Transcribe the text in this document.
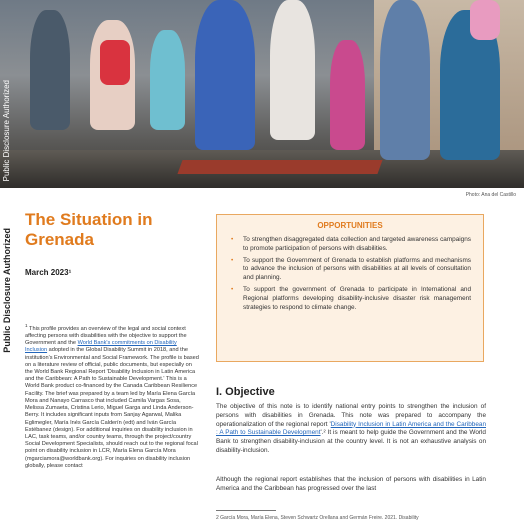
Public Disclosure Authorized
Photo: Ana del Castillo
Public Disclosure Authorized
The Situation in Grenada
March 2023¹
$^1$ This profile provides an overview of the legal and social context affecting persons with disabilities with the objective to support the Government and the World Bank's commitments on Disability Inclusion adopted in the Global Disability Summit in 2018, and the institution's Environmental and Social Framework. The profile is based on a literature review of official, public documents, but especially on the World Bank Regional Report 'Disability Inclusion in Latin America and the Caribbean: A Path to Sustainable Development.' This is a World Bank product co-financed by the Canada Caribbean Resilience Facility. The brief was prepared by a team led by María Elena García Mora and Nanayo Carrasco that included Camila Vargas Sosa, Melissa Zumaeta, Cristina Lerio, Miguel Garga and Linda Anderson-Berry. It includes significant inputs from Sanjay Agarwal, Malika Eglimegler, María Inés García Calderín (edt) and Iván García Estébanez (design). For additional inquiries on disability inclusion in LAC, task teams, and/or country teams, through the project/country Social Development Specialists, should reach out to the regional focal point on disability inclusion in LCR, María Elena García Mora (mgarciamora@worldbank.org). For inquiries on disability inclusion globally, please contact
OPPORTUNITIES
• To strengthen disaggregated data collection and targeted awareness campaigns to promote participation of persons with disabilities.
• To support the Government of Grenada to establish platforms and mechanisms to advance the inclusion of persons with disabilities at all levels of consultation and planning.
• To support the government of Grenada to participate in International and Regional platforms developing disability-inclusive disaster risk management strategies to respond to climate change.
I. Objective
The objective of this note is to identify national entry points to strengthen the inclusion of persons with disabilities in Grenada. This note was prepared to accompany the operationalization of the regional report 'Disability Inclusion in Latin America and the Caribbean : A Path to Sustainable Development'.² It is meant to help guide the Government and the World Bank to strengthen disability-inclusion at the country level. It is not an exhaustive analysis on disability-inclusion.
Although the regional report establishes that the inclusion of persons with disabilities in Latin America and the Caribbean has progressed over the last
2 García Mora, María Elena, Steven Schwartz Orellana and Germán Freire. 2021. Disability
